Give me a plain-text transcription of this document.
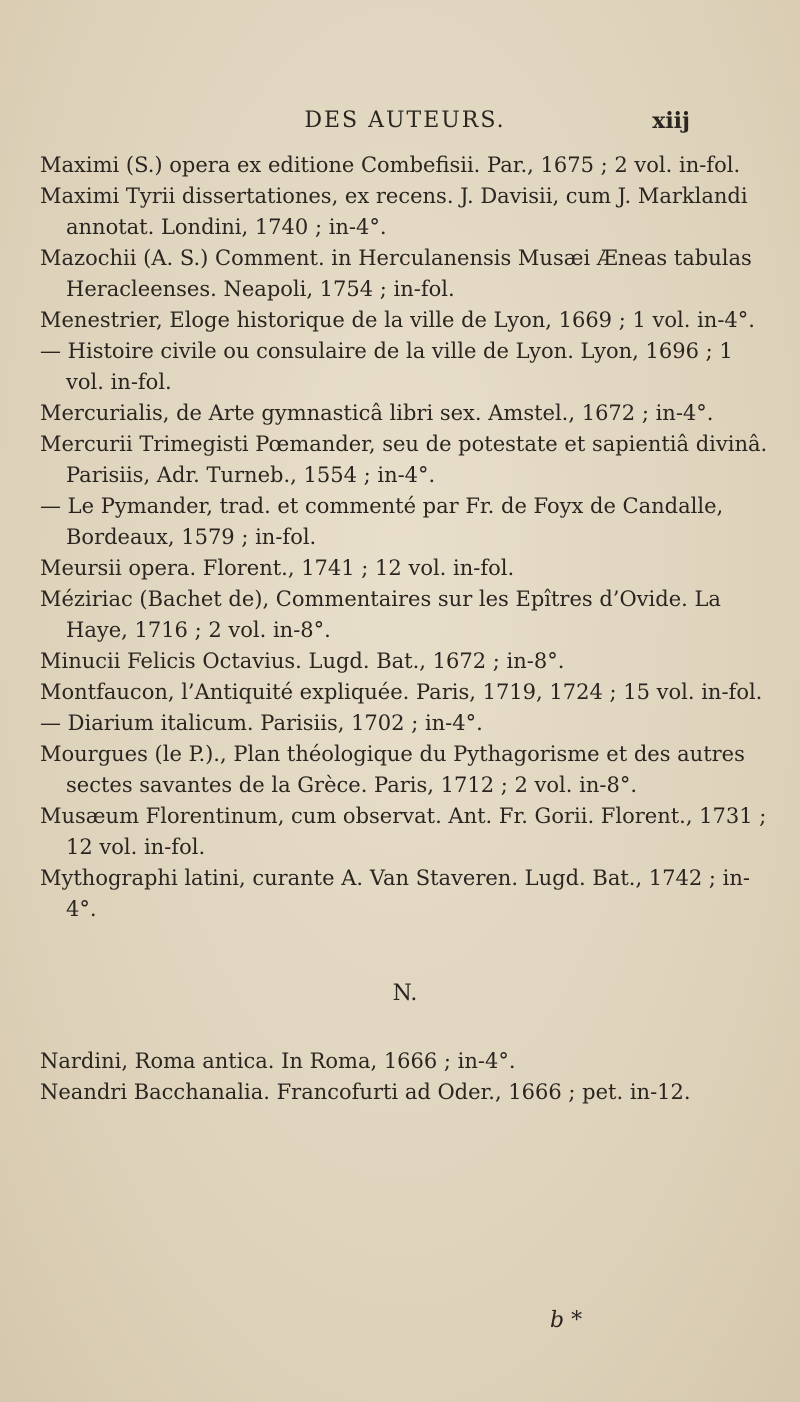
DES AUTEURS.	xiij

Maximi (S.) opera ex editione Combefisii. Par., 1675 ; 2 vol. in-fol.

Maximi Tyrii dissertationes, ex recens. J. Davisii, cum J. Marklandi annotat. Londini, 1740 ; in-4°.

Mazochii (A. S.) Comment. in Herculanensis Musæi Æneas tabulas Heracleenses. Neapoli, 1754 ; in-fol.

Menestrier, Eloge historique de la ville de Lyon, 1669 ; 1 vol. in-4°.

— Histoire civile ou consulaire de la ville de Lyon. Lyon, 1696 ; 1 vol. in-fol.

Mercurialis, de Arte gymnasticâ libri sex. Amstel., 1672 ; in-4°.

Mercurii Trimegisti Pœmander, seu de potestate et sapientiâ divinâ. Parisiis, Adr. Turneb., 1554 ; in-4°.

— Le Pymander, trad. et commenté par Fr. de Foyx de Candalle, Bordeaux, 1579 ; in-fol.

Meursii opera. Florent., 1741 ; 12 vol. in-fol.

Méziriac (Bachet de), Commentaires sur les Epîtres d’Ovide. La Haye, 1716 ; 2 vol. in-8°.

Minucii Felicis Octavius. Lugd. Bat., 1672 ; in-8°.

Montfaucon, l’Antiquité expliquée. Paris, 1719, 1724 ; 15 vol. in-fol.

— Diarium italicum. Parisiis, 1702 ; in-4°.

Mourgues (le P.)., Plan théologique du Pythagorisme et des autres sectes savantes de la Grèce. Paris, 1712 ; 2 vol. in-8°.

Musæum Florentinum, cum observat. Ant. Fr. Gorii. Florent., 1731 ; 12 vol. in-fol.

Mythographi latini, curante A. Van Staveren. Lugd. Bat., 1742 ; in-4°.

N.

Nardini, Roma antica. In Roma, 1666 ; in-4°.

Neandri Bacchanalia. Francofurti ad Oder., 1666 ; pet. in-12.

b *
